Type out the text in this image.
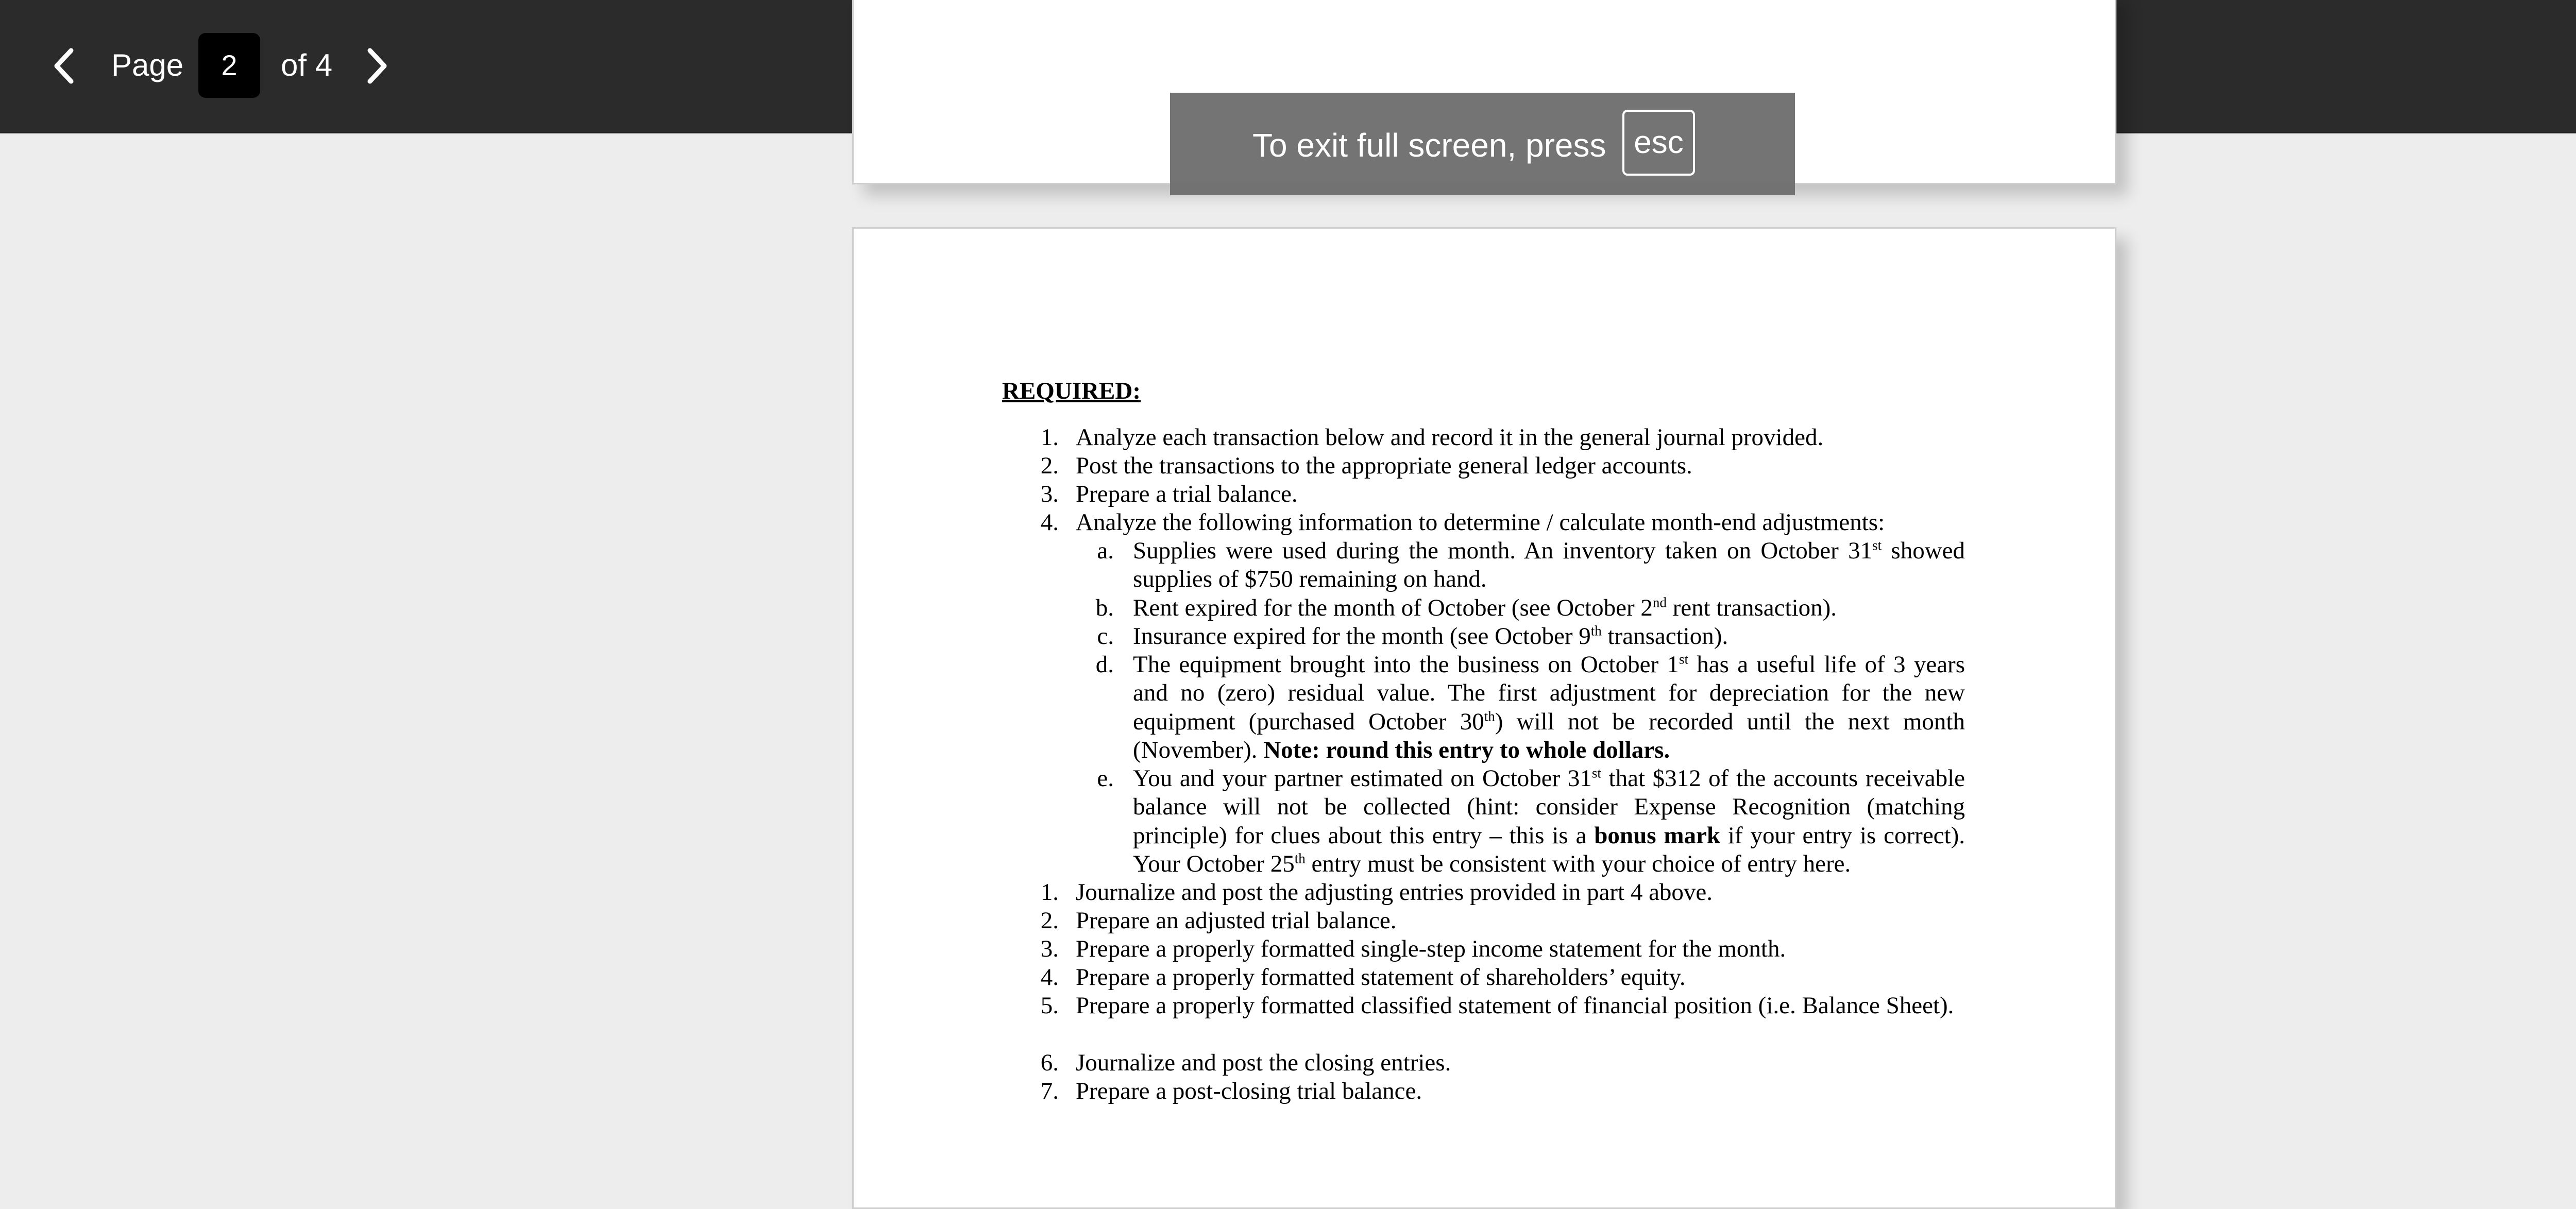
Page	2	of 4
REQUIRED:
1. Analyze each transaction below and record it in the general journal provided.
2. Post the transactions to the appropriate general ledger accounts.
3. Prepare a trial balance.
4. Analyze the following information to determine / calculate month-end adjustments:
a. Supplies were used during the month. An inventory taken on October 31st showed supplies of $750 remaining on hand.
b. Rent expired for the month of October (see October 2nd rent transaction).
c. Insurance expired for the month (see October 9th transaction).
d. The equipment brought into the business on October 1st has a useful life of 3 years and no (zero) residual value. The first adjustment for depreciation for the new equipment (purchased October 30th) will not be recorded until the next month (November). Note: round this entry to whole dollars.
e. You and your partner estimated on October 31st that $312 of the accounts receivable balance will not be collected (hint: consider Expense Recognition (matching principle) for clues about this entry – this is a bonus mark if your entry is correct). Your October 25th entry must be consistent with your choice of entry here.
1. Journalize and post the adjusting entries provided in part 4 above.
2. Prepare an adjusted trial balance.
3. Prepare a properly formatted single-step income statement for the month.
4. Prepare a properly formatted statement of shareholders’ equity.
5. Prepare a properly formatted classified statement of financial position (i.e. Balance Sheet).
6. Journalize and post the closing entries.
7. Prepare a post-closing trial balance.
To exit full screen, press esc
